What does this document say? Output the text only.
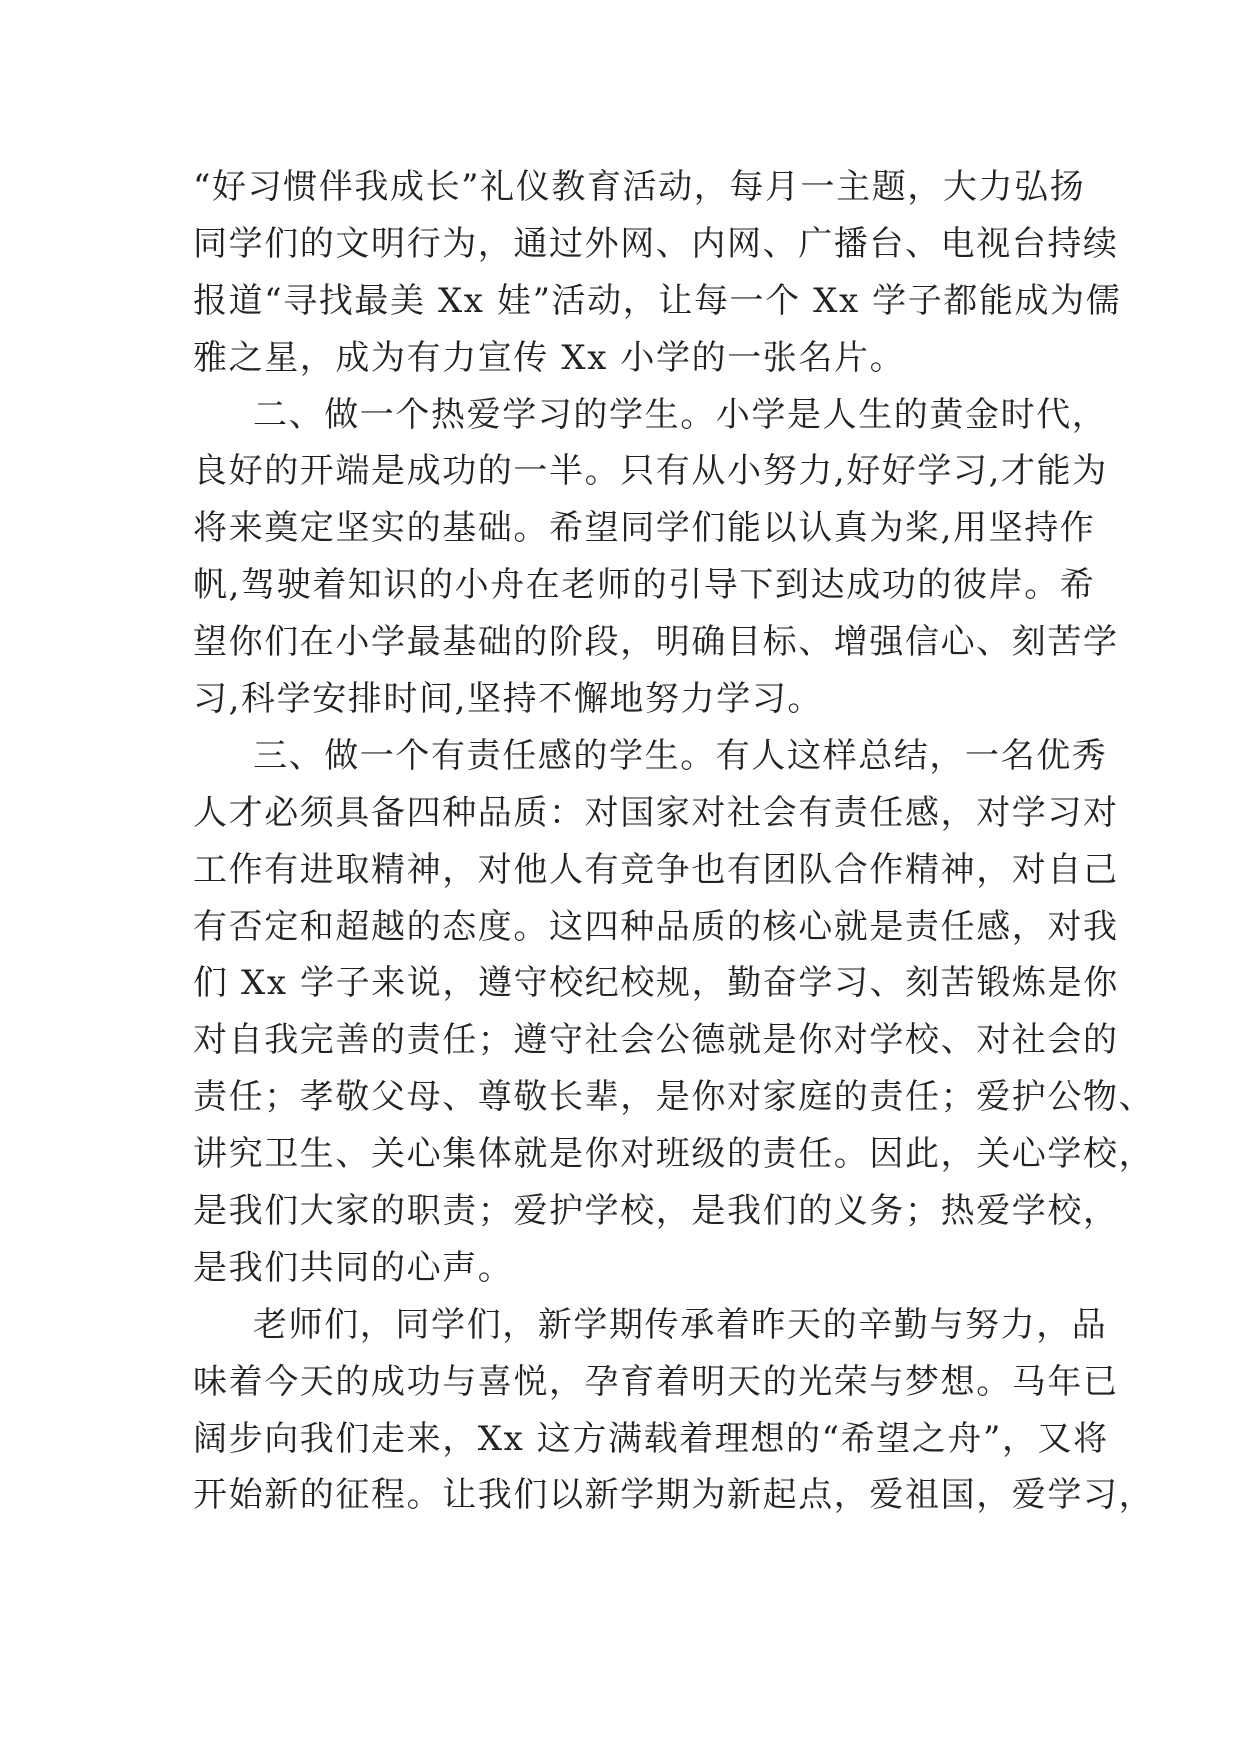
“好习惯伴我成长”礼仪教育活动，每月一主题，大力弘扬
同学们的文明行为，通过外网、内网、广播台、电视台持续
报道“寻找最美 Xx 娃”活动，让每一个 Xx 学子都能成为儒
雅之星，成为有力宣传 Xx 小学的一张名片。
二、做一个热爱学习的学生。小学是人生的黄金时代，
良好的开端是成功的一半。只有从小努力,好好学习,才能为
将来奠定坚实的基础。希望同学们能以认真为桨,用坚持作
帆,驾驶着知识的小舟在老师的引导下到达成功的彼岸。希
望你们在小学最基础的阶段，明确目标、增强信心、刻苦学
习,科学安排时间,坚持不懈地努力学习。
三、做一个有责任感的学生。有人这样总结，一名优秀
人才必须具备四种品质：对国家对社会有责任感，对学习对
工作有进取精神，对他人有竞争也有团队合作精神，对自己
有否定和超越的态度。这四种品质的核心就是责任感，对我
们 Xx 学子来说，遵守校纪校规，勤奋学习、刻苦锻炼是你
对自我完善的责任；遵守社会公德就是你对学校、对社会的
责任；孝敬父母、尊敬长辈，是你对家庭的责任；爱护公物、
讲究卫生、关心集体就是你对班级的责任。因此，关心学校，
是我们大家的职责；爱护学校，是我们的义务；热爱学校，
是我们共同的心声。
老师们，同学们，新学期传承着昨天的辛勤与努力，品
味着今天的成功与喜悦，孕育着明天的光荣与梦想。马年已
阔步向我们走来，Xx 这方满载着理想的“希望之舟”，又将
开始新的征程。让我们以新学期为新起点，爱祖国，爱学习，
